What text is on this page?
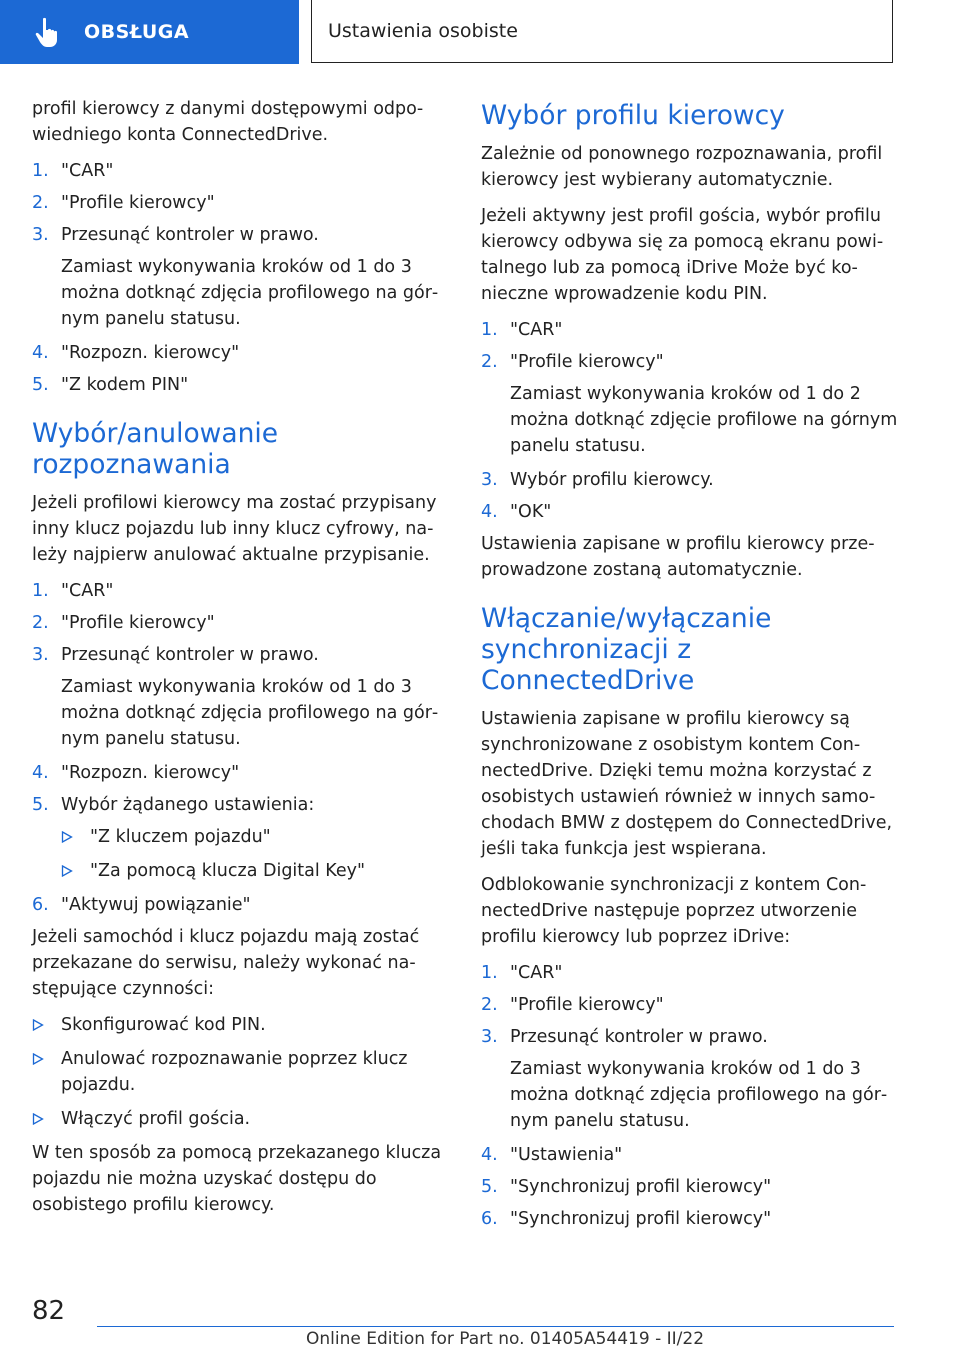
OBSŁUGA	Ustawienia osobiste

profil kierowcy z danymi dostępowymi odpowiedniego konta ConnectedDrive.

1. "CAR"
2. "Profile kierowcy"
3. Przesunąć kontroler w prawo.

Zamiast wykonywania kroków od 1 do 3 można dotknąć zdjęcia profilowego na górnym panelu statusu.

4. "Rozpozn. kierowcy"
5. "Z kodem PIN"
Wybór/anulowanie rozpoznawania

Jeżeli profilowi kierowcy ma zostać przypisany inny klucz pojazdu lub inny klucz cyfrowy, należy najpierw anulować aktualne przypisanie.

1. "CAR"
2. "Profile kierowcy"
3. Przesunąć kontroler w prawo.

Zamiast wykonywania kroków od 1 do 3 można dotknąć zdjęcia profilowego na górnym panelu statusu.

4. "Rozpozn. kierowcy"
5. Wybór żądanego ustawienia:
"Z kluczem pojazdu"
"Za pomocą klucza Digital Key"
6. "Aktywuj powiązanie"

Jeżeli samochód i klucz pojazdu mają zostać przekazane do serwisu, należy wykonać następujące czynności:

Skonfigurować kod PIN.
Anulować rozpoznawanie poprzez klucz pojazdu.
Włączyć profil gościa.

W ten sposób za pomocą przekazanego klucza pojazdu nie można uzyskać dostępu do osobistego profilu kierowcy.

Wybór profilu kierowcy

Zależnie od ponownego rozpoznawania, profil kierowcy jest wybierany automatycznie.

Jeżeli aktywny jest profil gościa, wybór profilu kierowcy odbywa się za pomocą ekranu powitalnego lub za pomocą iDrive Może być konieczne wprowadzenie kodu PIN.

1. "CAR"
2. "Profile kierowcy"

Zamiast wykonywania kroków od 1 do 2 można dotknąć zdjęcie profilowe na górnym panelu statusu.

3. Wybór profilu kierowcy.
4. "OK"

Ustawienia zapisane w profilu kierowcy przeprowadzone zostaną automatycznie.

Włączanie/wyłączanie synchronizacji z ConnectedDrive

Ustawienia zapisane w profilu kierowcy są synchronizowane z osobistym kontem ConnectedDrive. Dzięki temu można korzystać z osobistych ustawień również w innych samochodach BMW z dostępem do ConnectedDrive, jeśli taka funkcja jest wspierana.

Odblokowanie synchronizacji z kontem ConnectedDrive następuje poprzez utworzenie profilu kierowcy lub poprzez iDrive:

1. "CAR"
2. "Profile kierowcy"
3. Przesunąć kontroler w prawo.

Zamiast wykonywania kroków od 1 do 3 można dotknąć zdjęcia profilowego na górnym panelu statusu.

4. "Ustawienia"
5. "Synchronizuj profil kierowcy"
6. "Synchronizuj profil kierowcy"
82
Online Edition for Part no. 01405A54419 - II/22
